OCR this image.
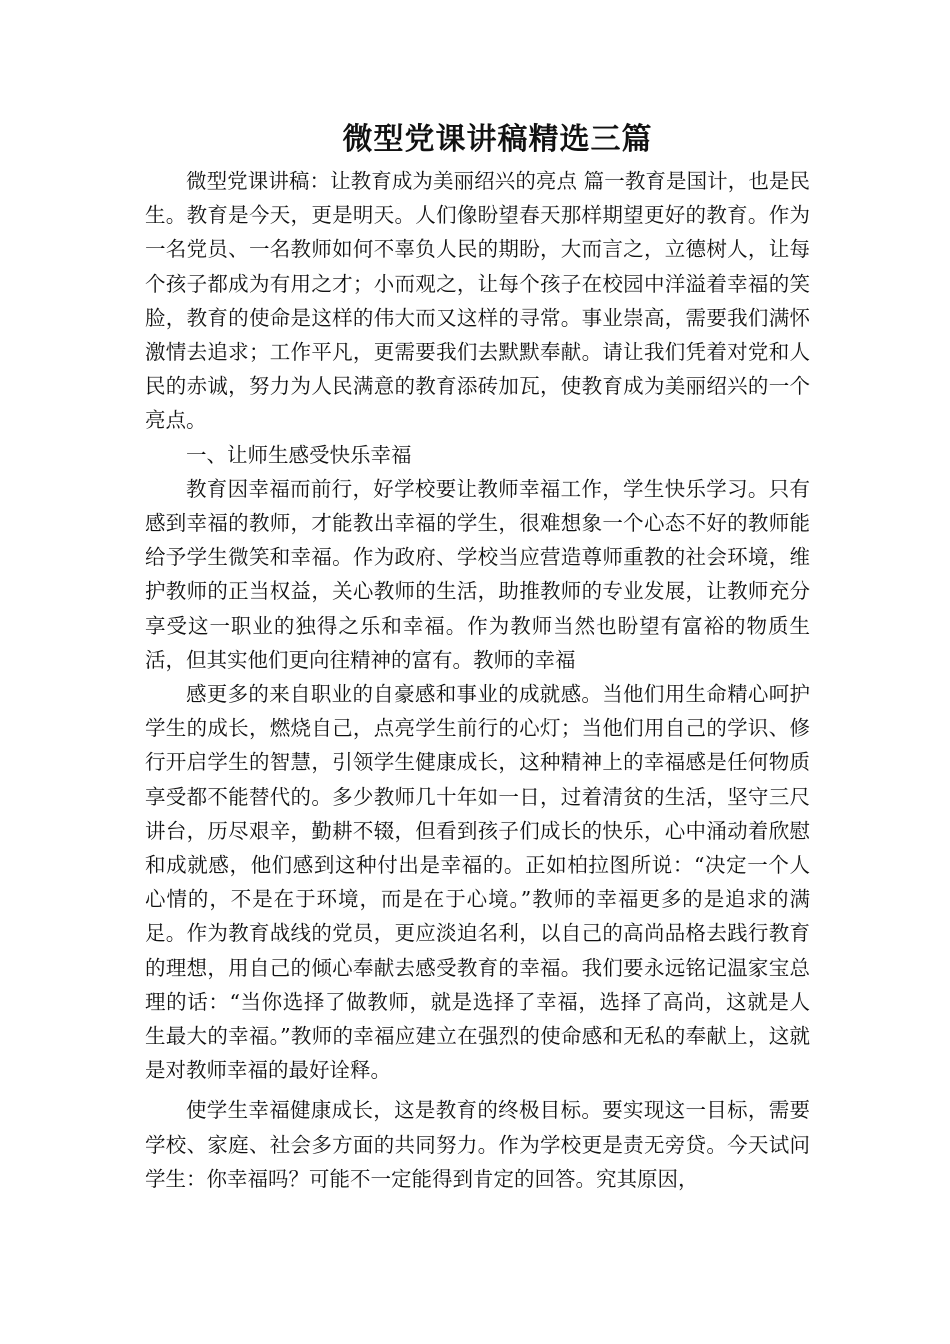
微型党课讲稿精选三篇

微型党课讲稿：让教育成为美丽绍兴的亮点 篇一教育是国计，也是民生。教育是今天，更是明天。人们像盼望春天那样期望更好的教育。作为一名党员、一名教师如何不辜负人民的期盼，大而言之，立德树人，让每个孩子都成为有用之才；小而观之，让每个孩子在校园中洋溢着幸福的笑脸，教育的使命是这样的伟大而又这样的寻常。事业崇高，需要我们满怀激情去追求；工作平凡，更需要我们去默默奉献。请让我们凭着对党和人民的赤诚，努力为人民满意的教育添砖加瓦，使教育成为美丽绍兴的一个亮点。

一、让师生感受快乐幸福

教育因幸福而前行，好学校要让教师幸福工作，学生快乐学习。只有感到幸福的教师，才能教出幸福的学生，很难想象一个心态不好的教师能给予学生微笑和幸福。作为政府、学校当应营造尊师重教的社会环境，维护教师的正当权益，关心教师的生活，助推教师的专业发展，让教师充分享受这一职业的独得之乐和幸福。作为教师当然也盼望有富裕的物质生活，但其实他们更向往精神的富有。教师的幸福

感更多的来自职业的自豪感和事业的成就感。当他们用生命精心呵护学生的成长，燃烧自己，点亮学生前行的心灯；当他们用自己的学识、修行开启学生的智慧，引领学生健康成长，这种精神上的幸福感是任何物质享受都不能替代的。多少教师几十年如一日，过着清贫的生活，坚守三尺讲台，历尽艰辛，勤耕不辍，但看到孩子们成长的快乐，心中涌动着欣慰和成就感，他们感到这种付出是幸福的。正如柏拉图所说：“决定一个人心情的，不是在于环境，而是在于心境。”教师的幸福更多的是追求的满足。作为教育战线的党员，更应淡迫名利，以自己的高尚品格去践行教育的理想，用自己的倾心奉献去感受教育的幸福。我们要永远铭记温家宝总理的话：“当你选择了做教师，就是选择了幸福，选择了高尚，这就是人生最大的幸福。”教师的幸福应建立在强烈的使命感和无私的奉献上，这就是对教师幸福的最好诠释。

使学生幸福健康成长，这是教育的终极目标。要实现这一目标，需要学校、家庭、社会多方面的共同努力。作为学校更是责无旁贷。今天试问学生：你幸福吗？可能不一定能得到肯定的回答。究其原因，
